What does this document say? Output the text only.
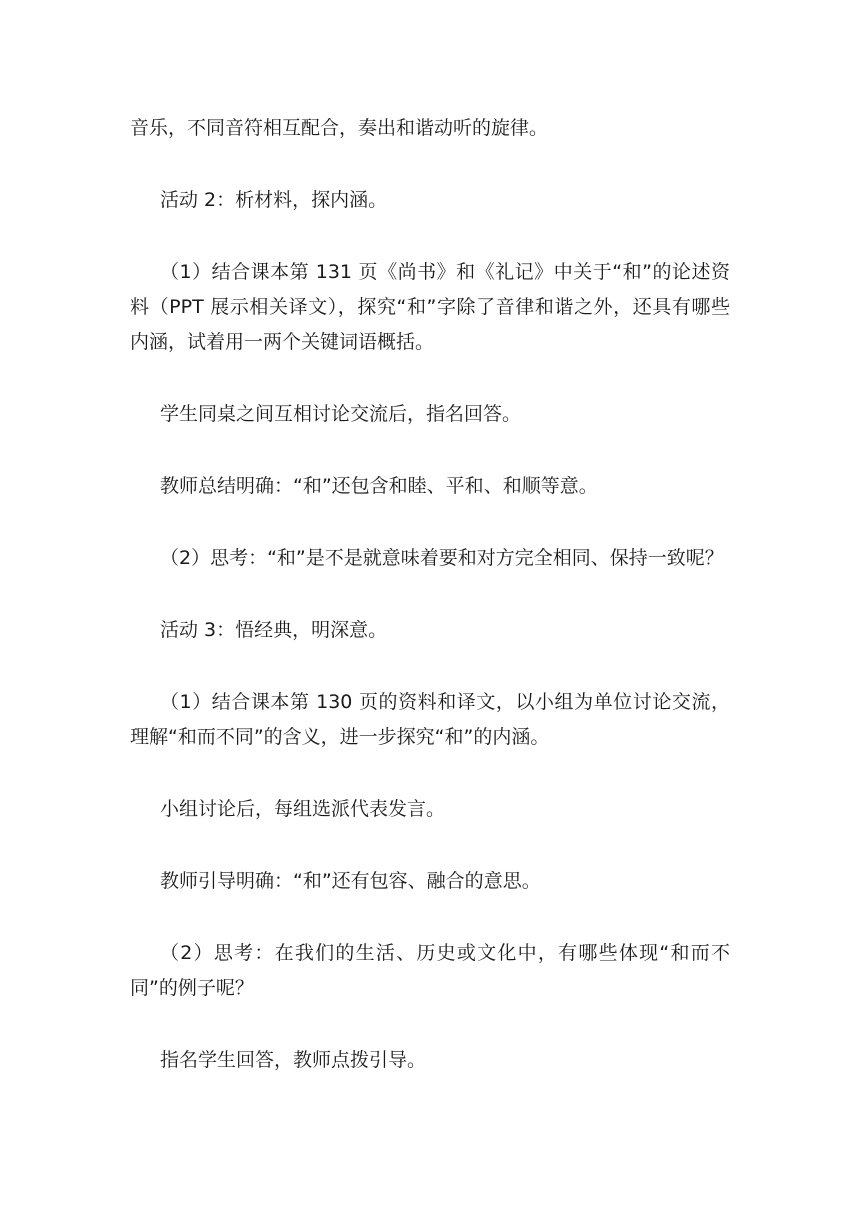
音乐，不同音符相互配合，奏出和谐动听的旋律。

活动 2：析材料，探内涵。

（1）结合课本第 131 页《尚书》和《礼记》中关于“和”的论述资料（PPT 展示相关译文），探究“和”字除了音律和谐之外，还具有哪些内涵，试着用一两个关键词语概括。

学生同桌之间互相讨论交流后，指名回答。

教师总结明确：“和”还包含和睦、平和、和顺等意。

（2）思考：“和”是不是就意味着要和对方完全相同、保持一致呢？

活动 3：悟经典，明深意。

（1）结合课本第 130 页的资料和译文，以小组为单位讨论交流，理解“和而不同”的含义，进一步探究“和”的内涵。

小组讨论后，每组选派代表发言。

教师引导明确：“和”还有包容、融合的意思。

（2）思考：在我们的生活、历史或文化中，有哪些体现“和而不同”的例子呢？

指名学生回答，教师点拨引导。
